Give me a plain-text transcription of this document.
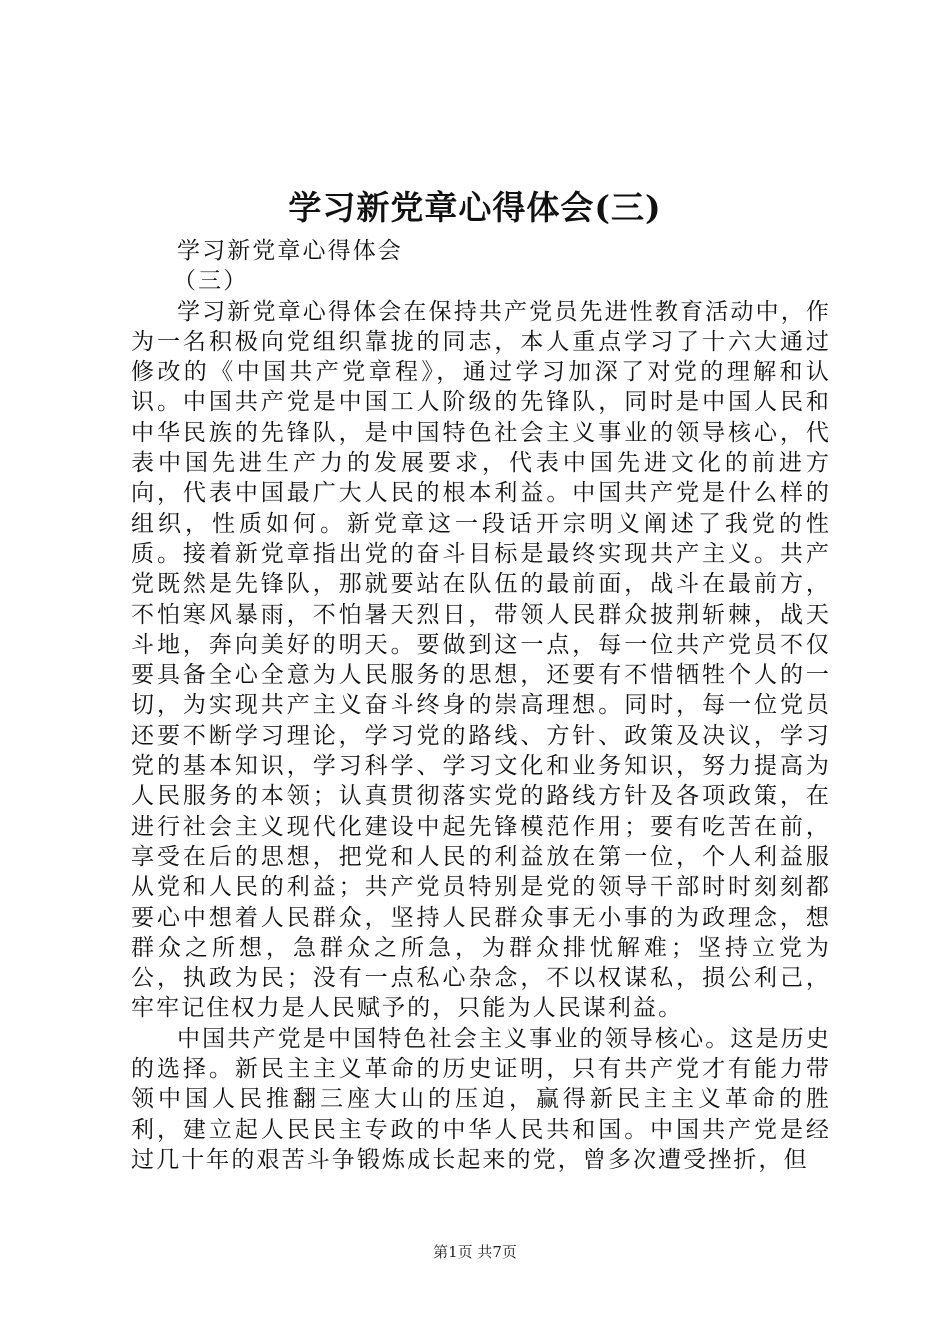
学习新党章心得体会(三)

学习新党章心得体会

（三）

学习新党章心得体会在保持共产党员先进性教育活动中，作为一名积极向党组织靠拢的同志，本人重点学习了十六大通过修改的《中国共产党章程》，通过学习加深了对党的理解和认识。中国共产党是中国工人阶级的先锋队，同时是中国人民和中华民族的先锋队，是中国特色社会主义事业的领导核心，代表中国先进生产力的发展要求，代表中国先进文化的前进方向，代表中国最广大人民的根本利益。中国共产党是什么样的组织，性质如何。新党章这一段话开宗明义阐述了我党的性质。接着新党章指出党的奋斗目标是最终实现共产主义。共产党既然是先锋队，那就要站在队伍的最前面，战斗在最前方，不怕寒风暴雨，不怕暑天烈日，带领人民群众披荆斩棘，战天斗地，奔向美好的明天。要做到这一点，每一位共产党员不仅要具备全心全意为人民服务的思想，还要有不惜牺牲个人的一切，为实现共产主义奋斗终身的崇高理想。同时，每一位党员还要不断学习理论，学习党的路线、方针、政策及决议，学习党的基本知识，学习科学、学习文化和业务知识，努力提高为人民服务的本领；认真贯彻落实党的路线方针及各项政策，在进行社会主义现代化建设中起先锋模范作用；要有吃苦在前，享受在后的思想，把党和人民的利益放在第一位，个人利益服从党和人民的利益；共产党员特别是党的领导干部时时刻刻都要心中想着人民群众，坚持人民群众事无小事的为政理念，想群众之所想，急群众之所急，为群众排忧解难；坚持立党为公，执政为民；没有一点私心杂念，不以权谋私，损公利己，牢牢记住权力是人民赋予的，只能为人民谋利益。

中国共产党是中国特色社会主义事业的领导核心。这是历史的选择。新民主主义革命的历史证明，只有共产党才有能力带领中国人民推翻三座大山的压迫，赢得新民主主义革命的胜利，建立起人民民主专政的中华人民共和国。中国共产党是经过几十年的艰苦斗争锻炼成长起来的党，曾多次遭受挫折，但

第1页 共7页
